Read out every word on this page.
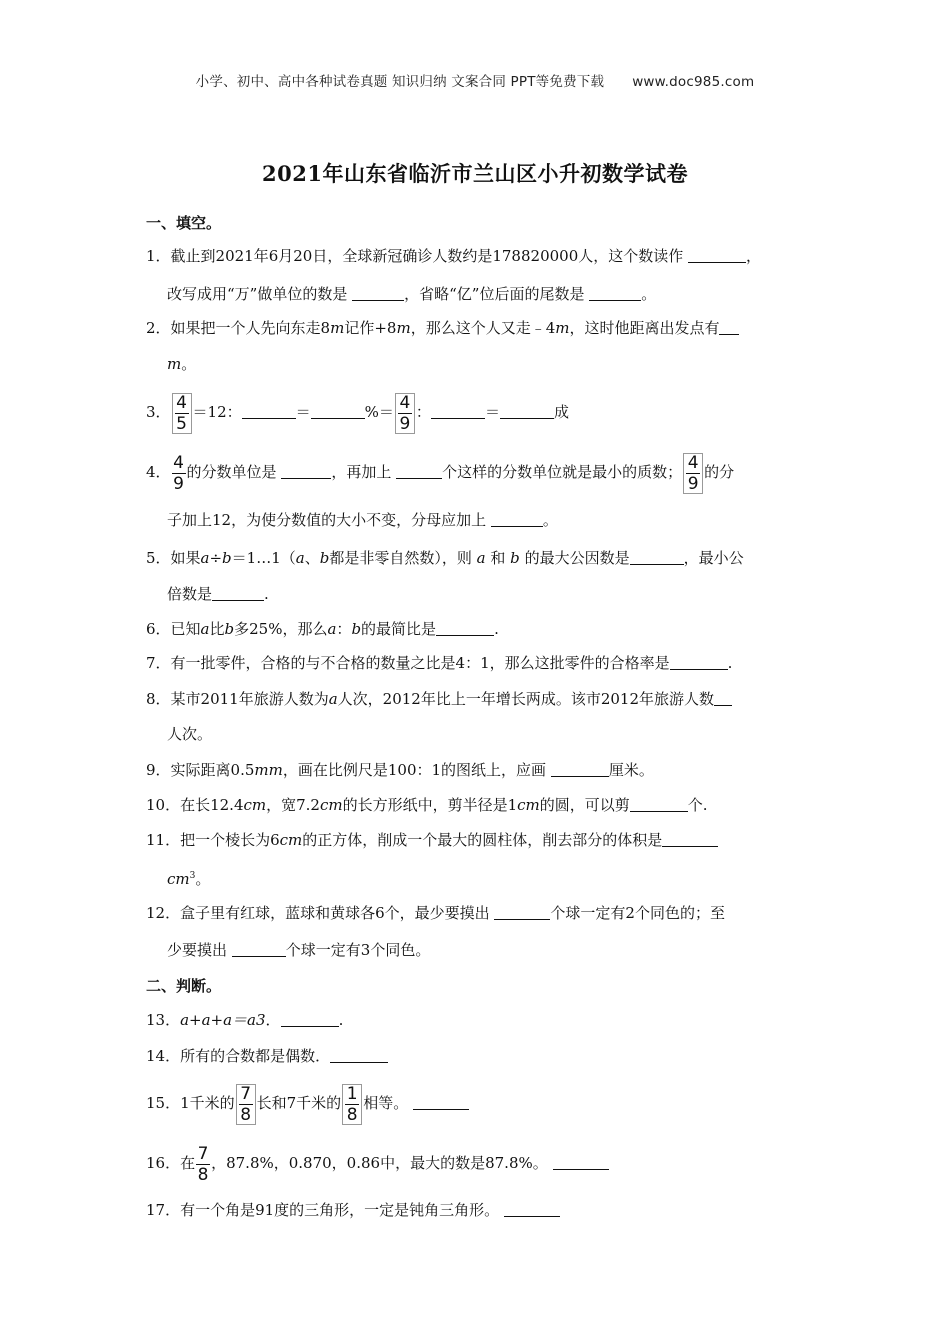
小学、初中、高中各种试卷真题 知识归纳 文案合同 PPT等免费下载 www.doc985.com
2021年山东省临沂市兰山区小升初数学试卷
一、填空。
1．截止到2021年6月20日，全球新冠确诊人数约是178820000人，这个数读作	，
改写成用“万”做单位的数是	，省略“亿”位后面的尾数是	。
2．如果把一个人先向东走8m记作+8m，那么这个人又走﹣4m，这时他距离出发点有
m。
3． $\frac{4}{5} =12$：	＝	%＝ $\frac{4}{9}$ ：	＝	成
4． $\frac{4}{9}$ 的分数单位是	，再加上	个这样的分数单位就是最小的质数； $\frac{4}{9}$ 的分
子加上12，为使分数值的大小不变，分母应加上	。
5．如果a÷b＝1…1（a、b都是非零自然数），则 a 和 b 的最大公因数是	，最小公
倍数是	.
6．已知a比b多25%，那么a：b的最简比是	.
7．有一批零件，合格的与不合格的数量之比是4：1，那么这批零件的合格率是	.
8．某市2011年旅游人数为a人次，2012年比上一年增长两成。该市2012年旅游人数
人次。
9．实际距离0.5mm，画在比例尺是100：1的图纸上，应画	厘米。
10．在长12.4cm，宽7.2cm的长方形纸中，剪半径是1cm的圆，可以剪	个.
11．把一个棱长为6cm的正方体，削成一个最大的圆柱体，削去部分的体积是
$cm^3$。
12．盒子里有红球，蓝球和黄球各6个，最少要摸出	个球一定有2个同色的；至
少要摸出	个球一定有3个同色。
二、判断。
13．a+a+a＝a3．	.
14．所有的合数都是偶数．
15．1千米的 $\frac{7}{8}$ 长和7千米的 $\frac{1}{8}$ 相等。
16．在 $\frac{7}{8}$ ，87.8%，0.870，0.86中，最大的数是87.8%。
17．有一个角是91度的三角形，一定是钝角三角形。
